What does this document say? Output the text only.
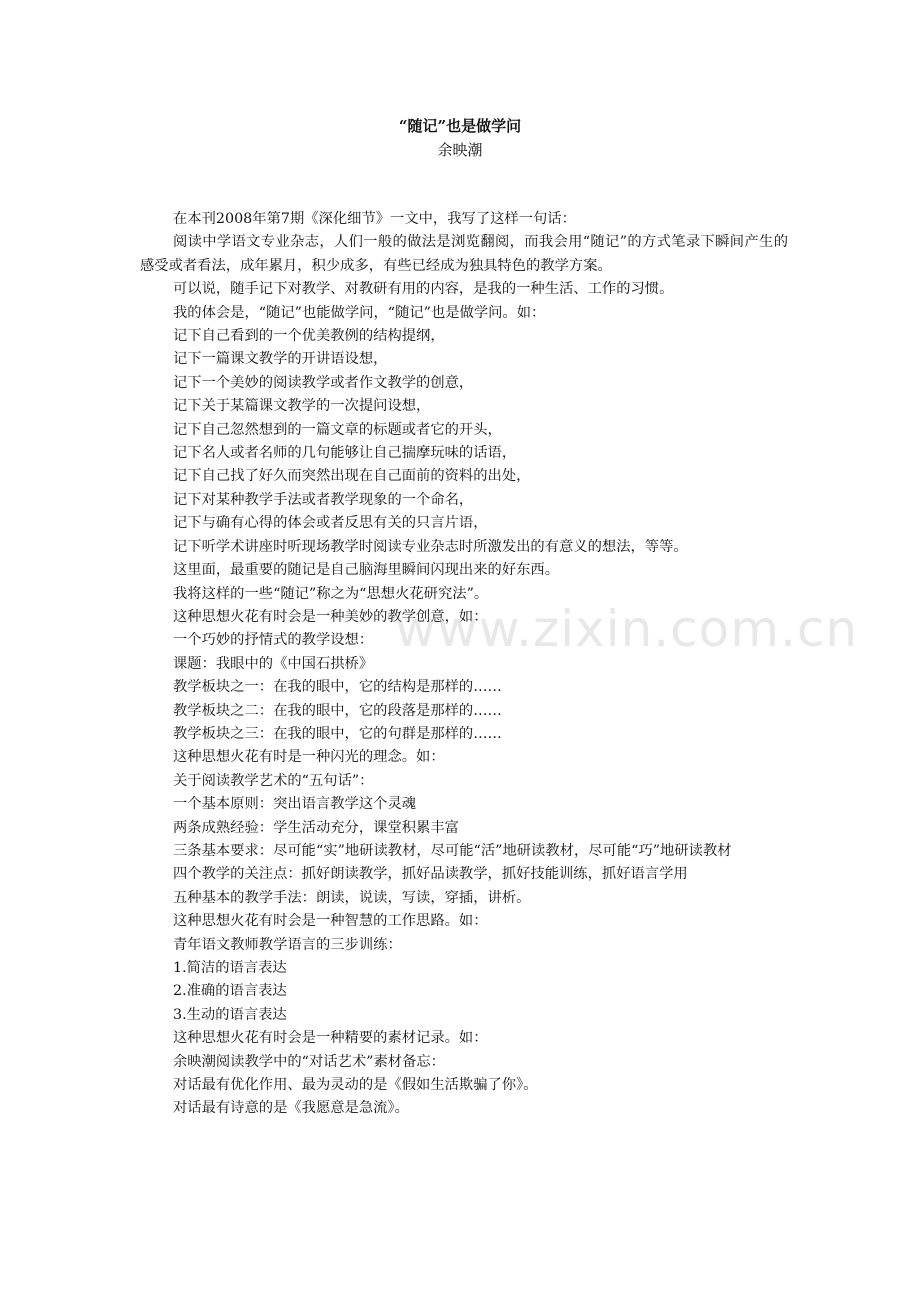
“随记”也是做学问
余映潮

在本刊2008年第7期《深化细节》一文中，我写了这样一句话：

阅读中学语文专业杂志，人们一般的做法是浏览翻阅，而我会用“随记”的方式笔录下瞬间产生的感受或者看法，成年累月，积少成多，有些已经成为独具特色的教学方案。

可以说，随手记下对教学、对教研有用的内容，是我的一种生活、工作的习惯。

我的体会是，“随记”也能做学问，“随记”也是做学问。如：

记下自己看到的一个优美教例的结构提纲，

记下一篇课文教学的开讲语设想，

记下一个美妙的阅读教学或者作文教学的创意，

记下关于某篇课文教学的一次提问设想，

记下自己忽然想到的一篇文章的标题或者它的开头，

记下名人或者名师的几句能够让自己揣摩玩味的话语，

记下自己找了好久而突然出现在自己面前的资料的出处，

记下对某种教学手法或者教学现象的一个命名，

记下与确有心得的体会或者反思有关的只言片语，

记下听学术讲座时听现场教学时阅读专业杂志时所激发出的有意义的想法，等等。

这里面，最重要的随记是自己脑海里瞬间闪现出来的好东西。

我将这样的一些“随记”称之为“思想火花研究法”。

这种思想火花有时会是一种美妙的教学创意，如：

一个巧妙的抒情式的教学设想：

课题：我眼中的《中国石拱桥》

教学板块之一：在我的眼中，它的结构是那样的……

教学板块之二：在我的眼中，它的段落是那样的……

教学板块之三：在我的眼中，它的句群是那样的……

这种思想火花有时是一种闪光的理念。如：

关于阅读教学艺术的“五句话”：

一个基本原则：突出语言教学这个灵魂

两条成熟经验：学生活动充分，课堂积累丰富

三条基本要求：尽可能“实”地研读教材，尽可能“活”地研读教材，尽可能“巧”地研读教材

四个教学的关注点：抓好朗读教学，抓好品读教学，抓好技能训练，抓好语言学用

五种基本的教学手法：朗读，说读，写读，穿插，讲析。

这种思想火花有时会是一种智慧的工作思路。如：

青年语文教师教学语言的三步训练：

1.简洁的语言表达

2.准确的语言表达

3.生动的语言表达

这种思想火花有时会是一种精要的素材记录。如：

余映潮阅读教学中的“对话艺术”素材备忘：

对话最有优化作用、最为灵动的是《假如生活欺骗了你》。

对话最有诗意的是《我愿意是急流》。

www.zixin.com.cn
